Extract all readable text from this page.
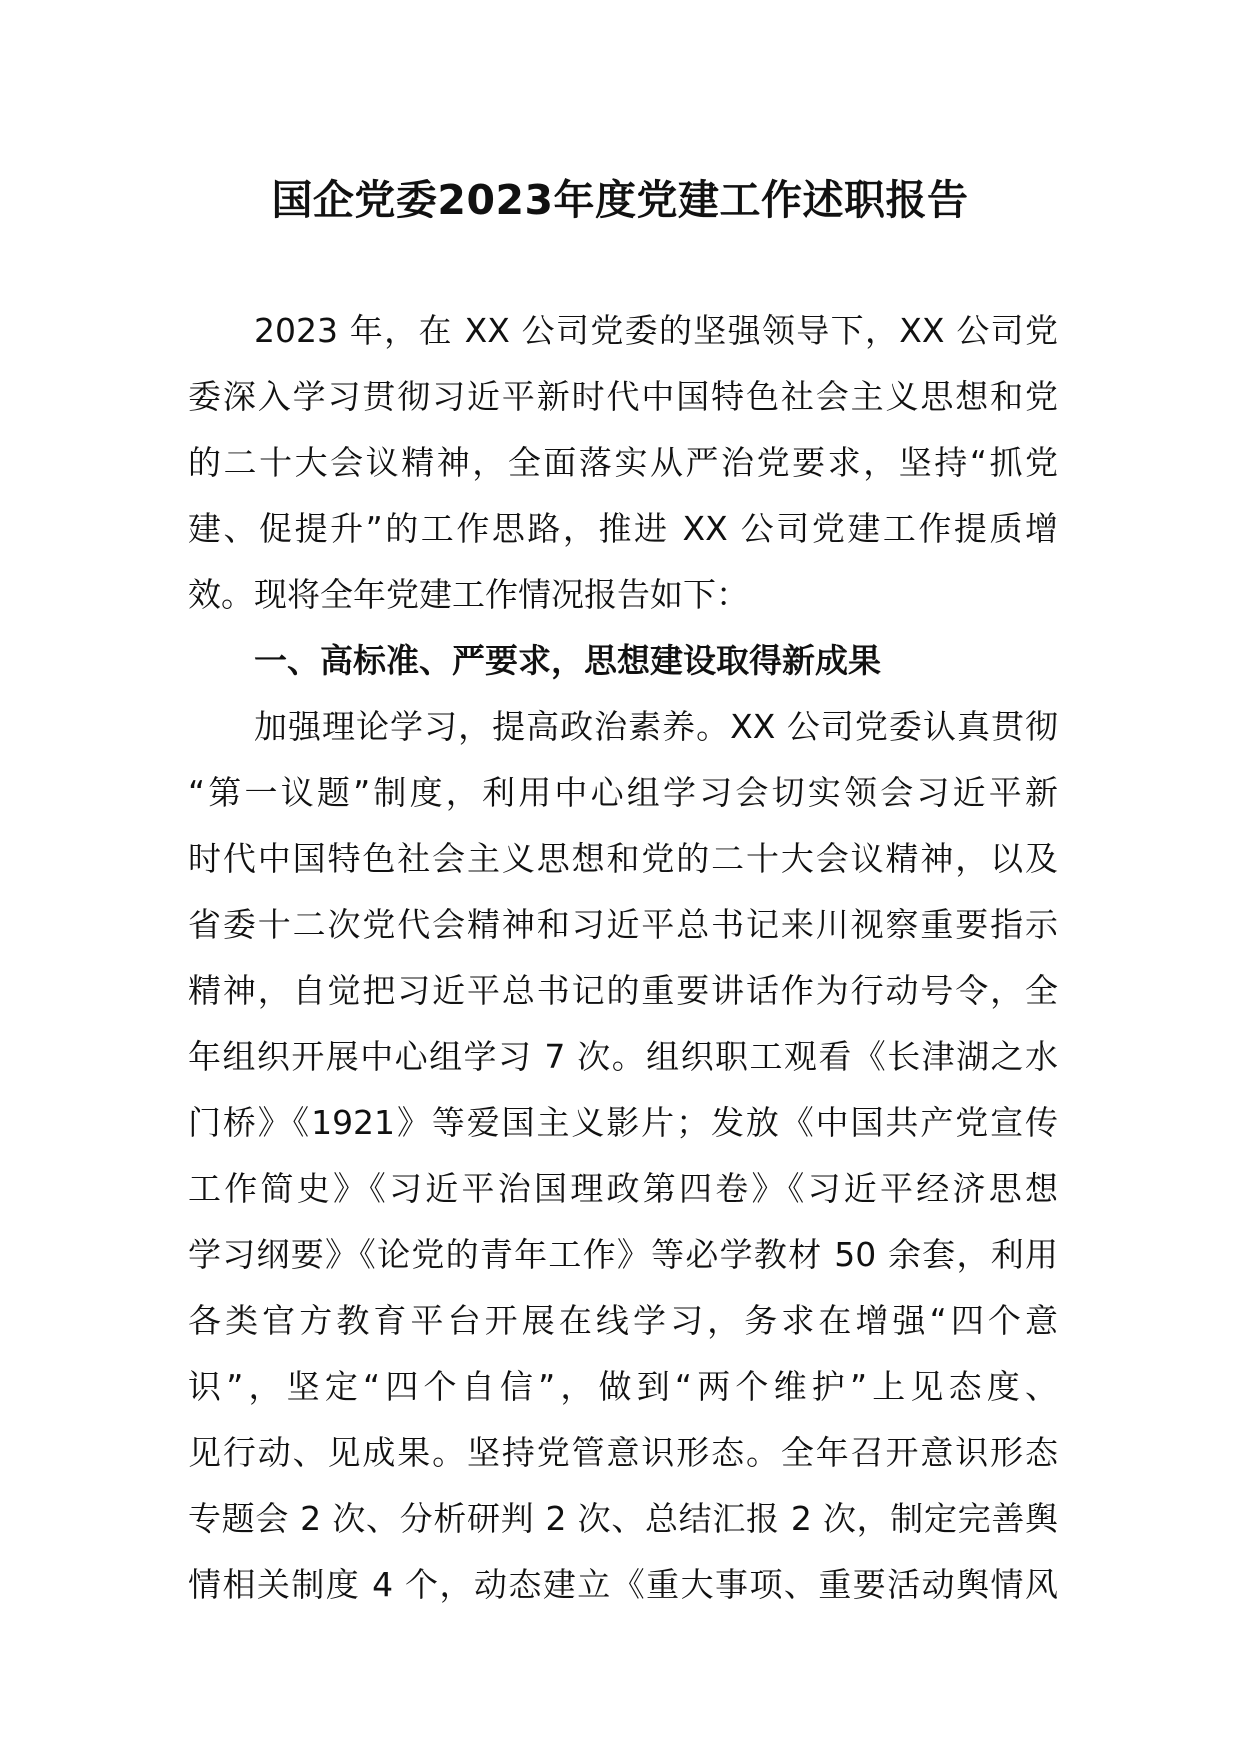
国企党委2023年度党建工作述职报告
2023 年，在 XX 公司党委的坚强领导下，XX 公司党
委深入学习贯彻习近平新时代中国特色社会主义思想和党
的二十大会议精神，全面落实从严治党要求，坚持“抓党
建、促提升”的工作思路，推进 XX 公司党建工作提质增
效。现将全年党建工作情况报告如下：
一、高标准、严要求，思想建设取得新成果
加强理论学习，提高政治素养。XX 公司党委认真贯彻
“第一议题”制度，利用中心组学习会切实领会习近平新
时代中国特色社会主义思想和党的二十大会议精神，以及
省委十二次党代会精神和习近平总书记来川视察重要指示
精神，自觉把习近平总书记的重要讲话作为行动号令，全
年组织开展中心组学习 7 次。组织职工观看《长津湖之水
门桥》《1921》等爱国主义影片；发放《中国共产党宣传
工作简史》《习近平治国理政第四卷》《习近平经济思想
学习纲要》《论党的青年工作》等必学教材 50 余套，利用
各类官方教育平台开展在线学习，务求在增强“四个意
识”，坚定“四个自信”，做到“两个维护”上见态度、
见行动、见成果。坚持党管意识形态。全年召开意识形态
专题会 2 次、分析研判 2 次、总结汇报 2 次，制定完善舆
情相关制度 4 个，动态建立《重大事项、重要活动舆情风
